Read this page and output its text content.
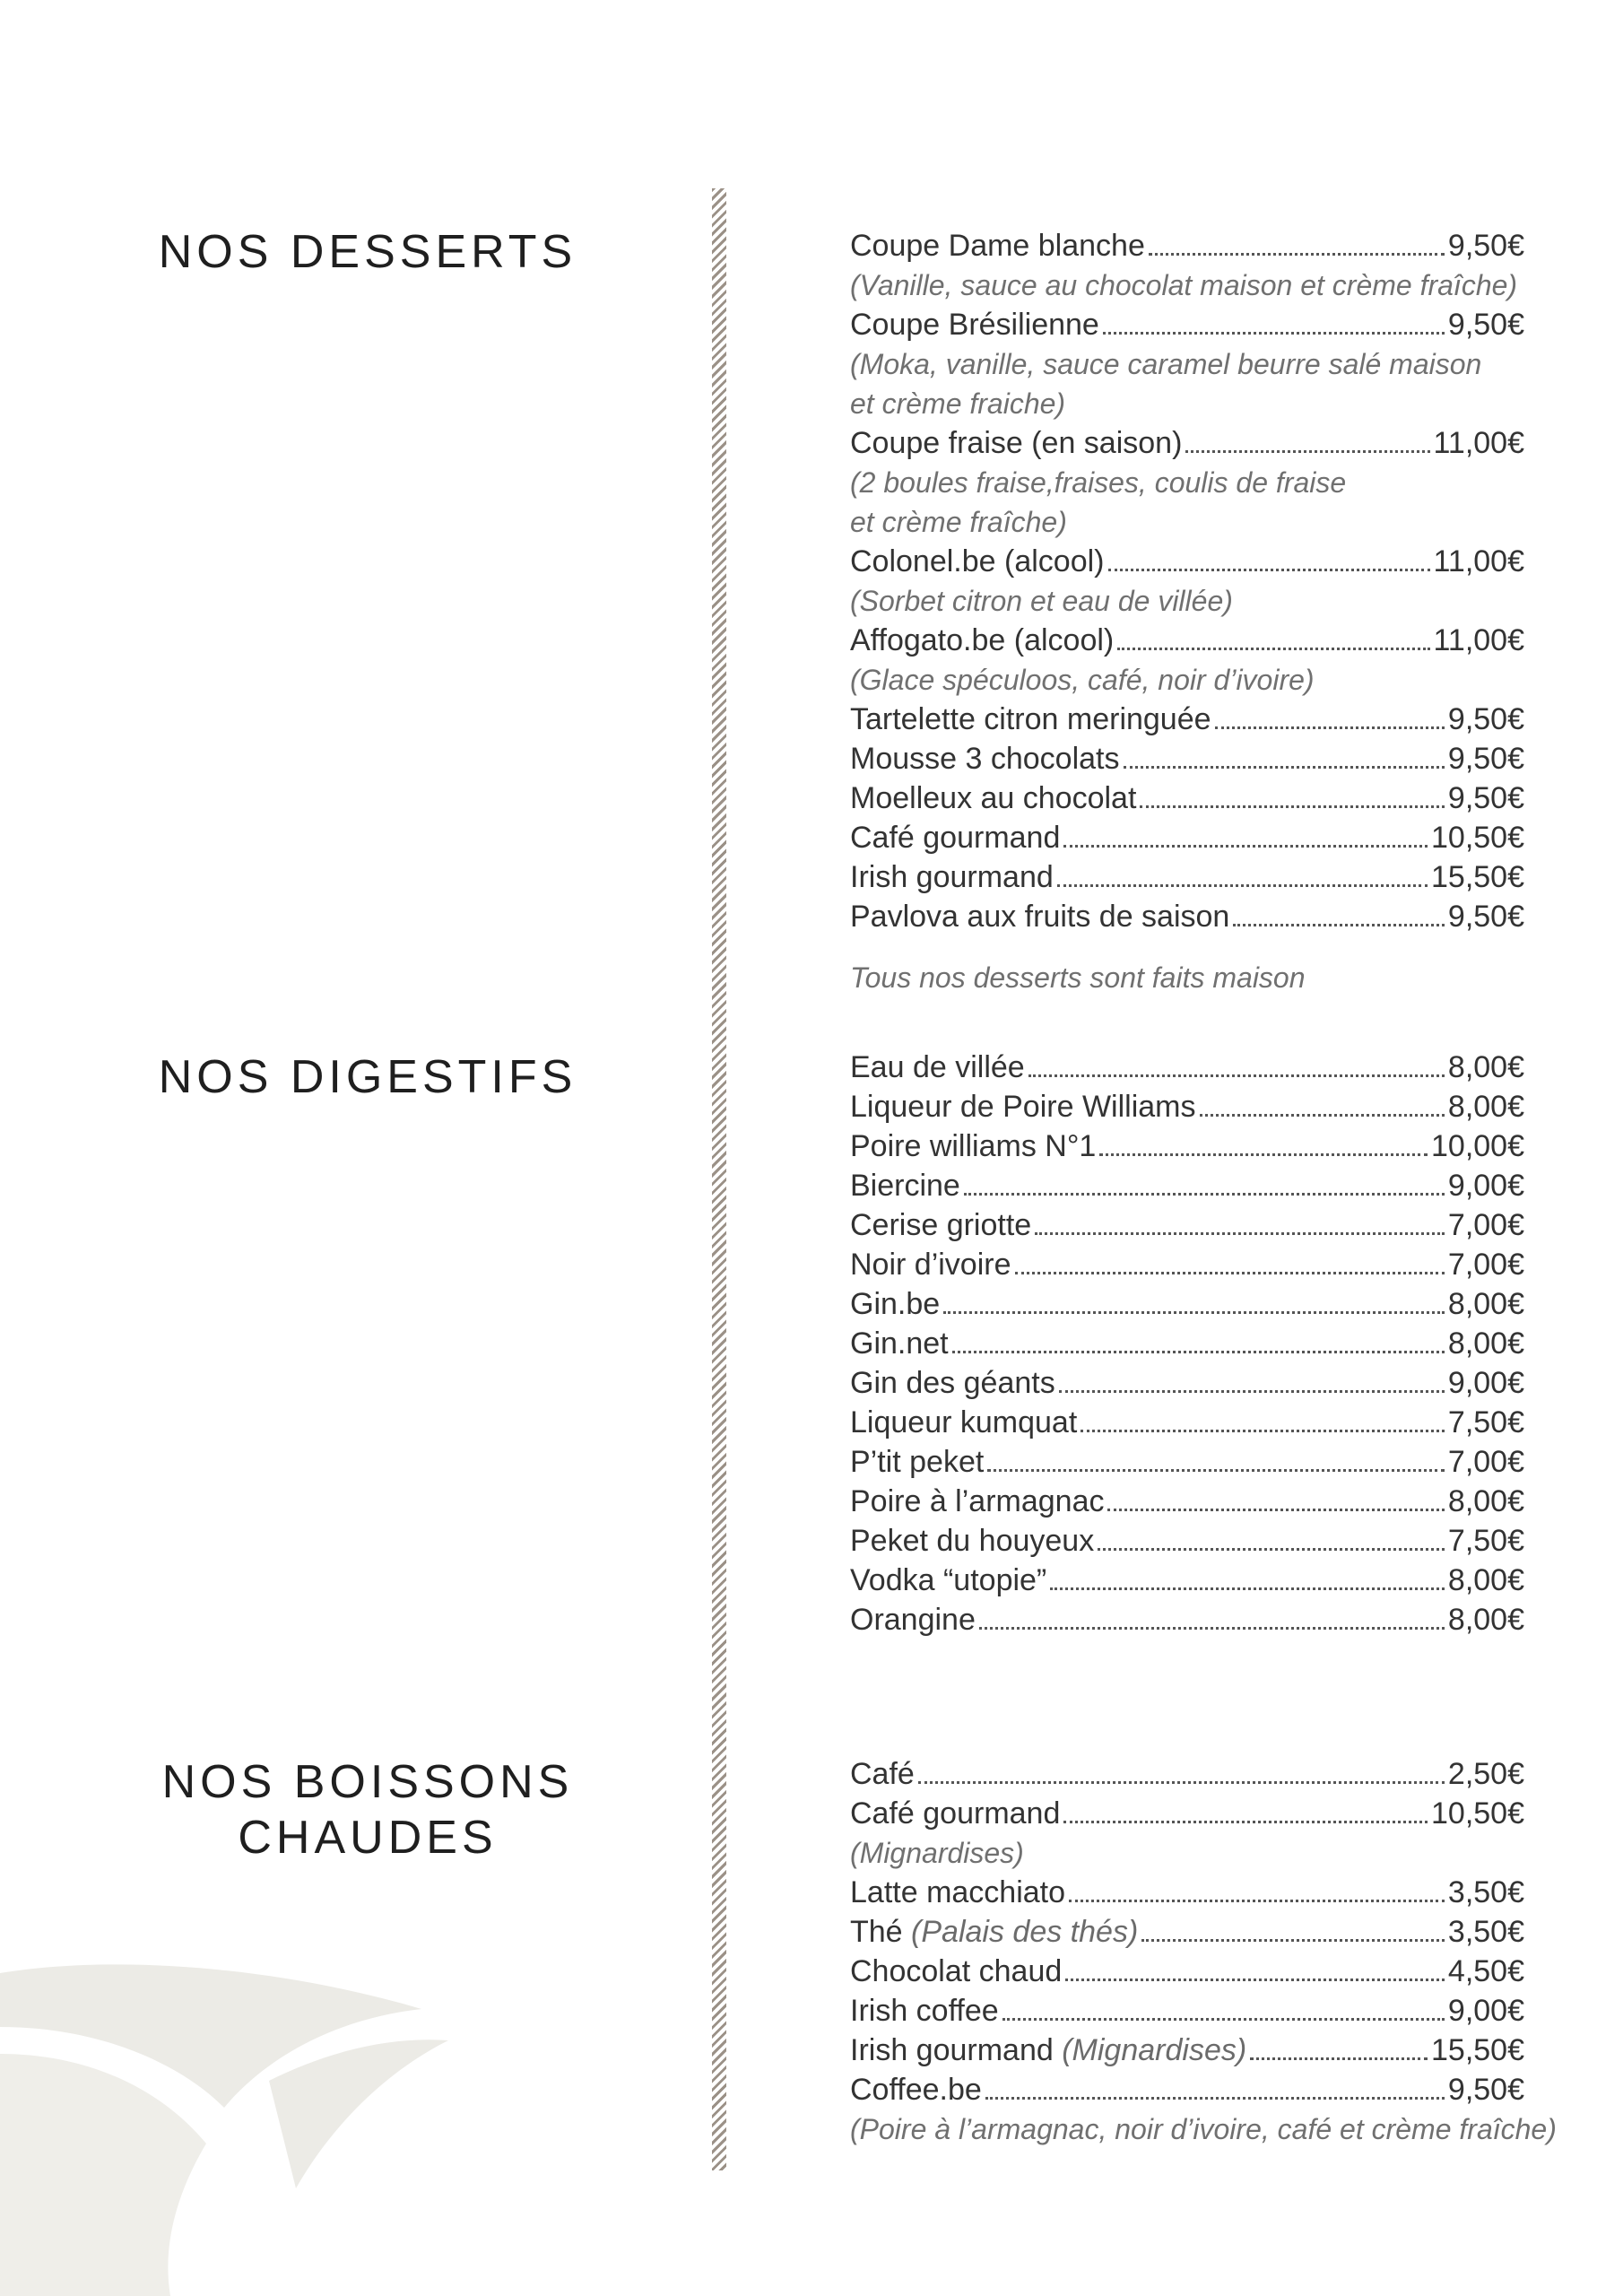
NOS DESSERTS	Coupe Dame blanche	9,50€
(Vanille, sauce au chocolat maison et crème fraîche)
Coupe Brésilienne	9,50€
(Moka, vanille, sauce caramel beurre salé maison
et crème fraiche)
Coupe fraise (en saison)	11,00€
(2 boules fraise,fraises, coulis de fraise
et crème fraîche)
Colonel.be (alcool)	11,00€
(Sorbet citron et eau de villée)
Affogato.be (alcool)	11,00€
(Glace spéculoos, café, noir d’ivoire)
Tartelette citron meringuée	9,50€
Mousse 3 chocolats	9,50€
Moelleux au chocolat	9,50€
Café gourmand	10,50€
Irish gourmand	15,50€
Pavlova aux fruits de saison	9,50€
Tous nos desserts sont faits maison
NOS DIGESTIFS	Eau de villée	8,00€
Liqueur de Poire Williams	8,00€
Poire williams N°1	10,00€
Biercine	9,00€
Cerise griotte	7,00€
Noir d’ivoire	7,00€
Gin.be	8,00€
Gin.net	8,00€
Gin des géants	9,00€
Liqueur kumquat	7,50€
P’tit peket	7,00€
Poire à l’armagnac	8,00€
Peket du houyeux	7,50€
Vodka “utopie”	8,00€
Orangine	8,00€
NOS BOISSONS
CHAUDES
Café	2,50€
Café gourmand	10,50€
(Mignardises)
Latte macchiato	3,50€
Thé (Palais des thés)	3,50€
Chocolat chaud	4,50€
Irish coffee	9,00€
Irish gourmand (Mignardises)	15,50€
Coffee.be	9,50€
(Poire à l’armagnac, noir d’ivoire, café et crème fraîche)
